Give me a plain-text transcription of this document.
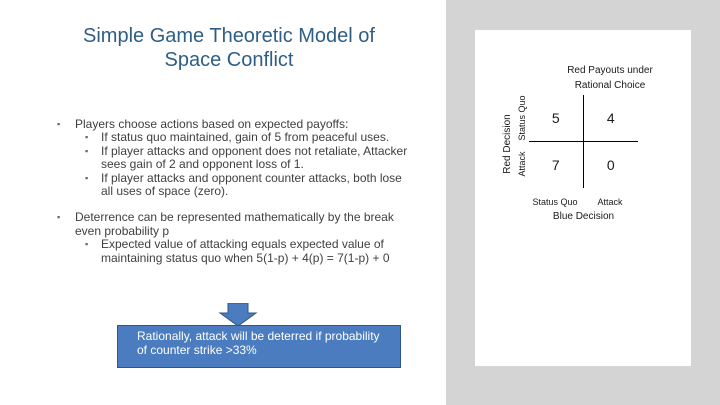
Simple Game Theoretic Model of
Space Conflict
▪ Players choose actions based on expected payoffs:
▪ If status quo maintained, gain of 5 from peaceful uses.
▪ If player attacks and opponent does not retaliate, Attacker sees gain of 2 and opponent loss of 1.
▪ If player attacks and opponent counter attacks, both lose all uses of space (zero).
▪ Deterrence can be represented mathematically by the break even probability p
▪ Expected value of attacking equals expected value of maintaining status quo when 5(1-p) + 4(p) = 7(1-p) + 0
Rationally, attack will be deterred if probability of counter strike >33%
Red Payouts under
Rational Choice
5	4
7	0
Status Quo
Attack
Red Decision
Status Quo	Attack
Blue Decision
